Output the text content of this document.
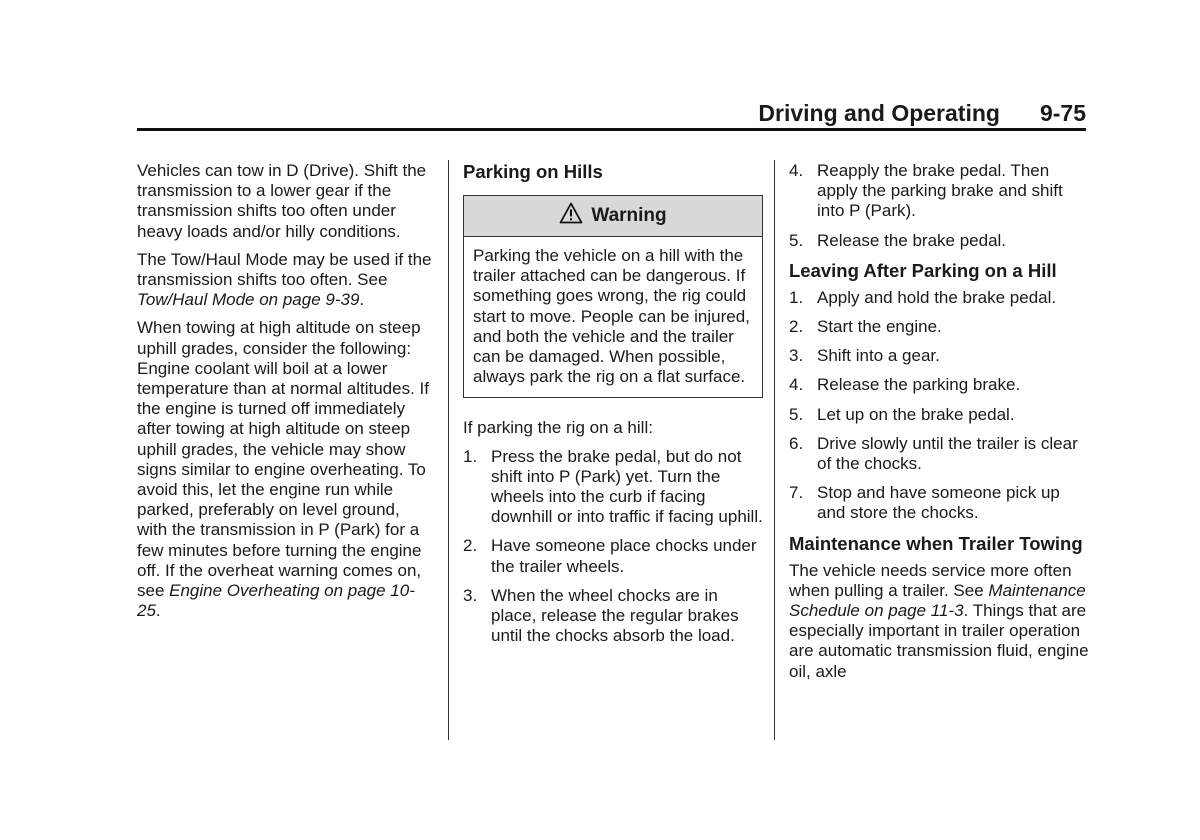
Driving and Operating 9-75

Vehicles can tow in D (Drive). Shift the transmission to a lower gear if the transmission shifts too often under heavy loads and/or hilly conditions.

The Tow/Haul Mode may be used if the transmission shifts too often. See Tow/Haul Mode on page 9-39.

When towing at high altitude on steep uphill grades, consider the following: Engine coolant will boil at a lower temperature than at normal altitudes. If the engine is turned off immediately after towing at high altitude on steep uphill grades, the vehicle may show signs similar to engine overheating. To avoid this, let the engine run while parked, preferably on level ground, with the transmission in P (Park) for a few minutes before turning the engine off. If the overheat warning comes on, see Engine Overheating on page 10-25.

Parking on Hills
Warning
Parking the vehicle on a hill with the trailer attached can be dangerous. If something goes wrong, the rig could start to move. People can be injured, and both the vehicle and the trailer can be damaged. When possible, always park the rig on a flat surface.

If parking the rig on a hill:

1. Press the brake pedal, but do not shift into P (Park) yet. Turn the wheels into the curb if facing downhill or into traffic if facing uphill.
2. Have someone place chocks under the trailer wheels.
3. When the wheel chocks are in place, release the regular brakes until the chocks absorb the load.
4. Reapply the brake pedal. Then apply the parking brake and shift into P (Park).
5. Release the brake pedal.
Leaving After Parking on a Hill
1. Apply and hold the brake pedal.
2. Start the engine.
3. Shift into a gear.
4. Release the parking brake.
5. Let up on the brake pedal.
6. Drive slowly until the trailer is clear of the chocks.
7. Stop and have someone pick up and store the chocks.
Maintenance when Trailer Towing

The vehicle needs service more often when pulling a trailer. See Maintenance Schedule on page 11-3. Things that are especially important in trailer operation are automatic transmission fluid, engine oil, axle
